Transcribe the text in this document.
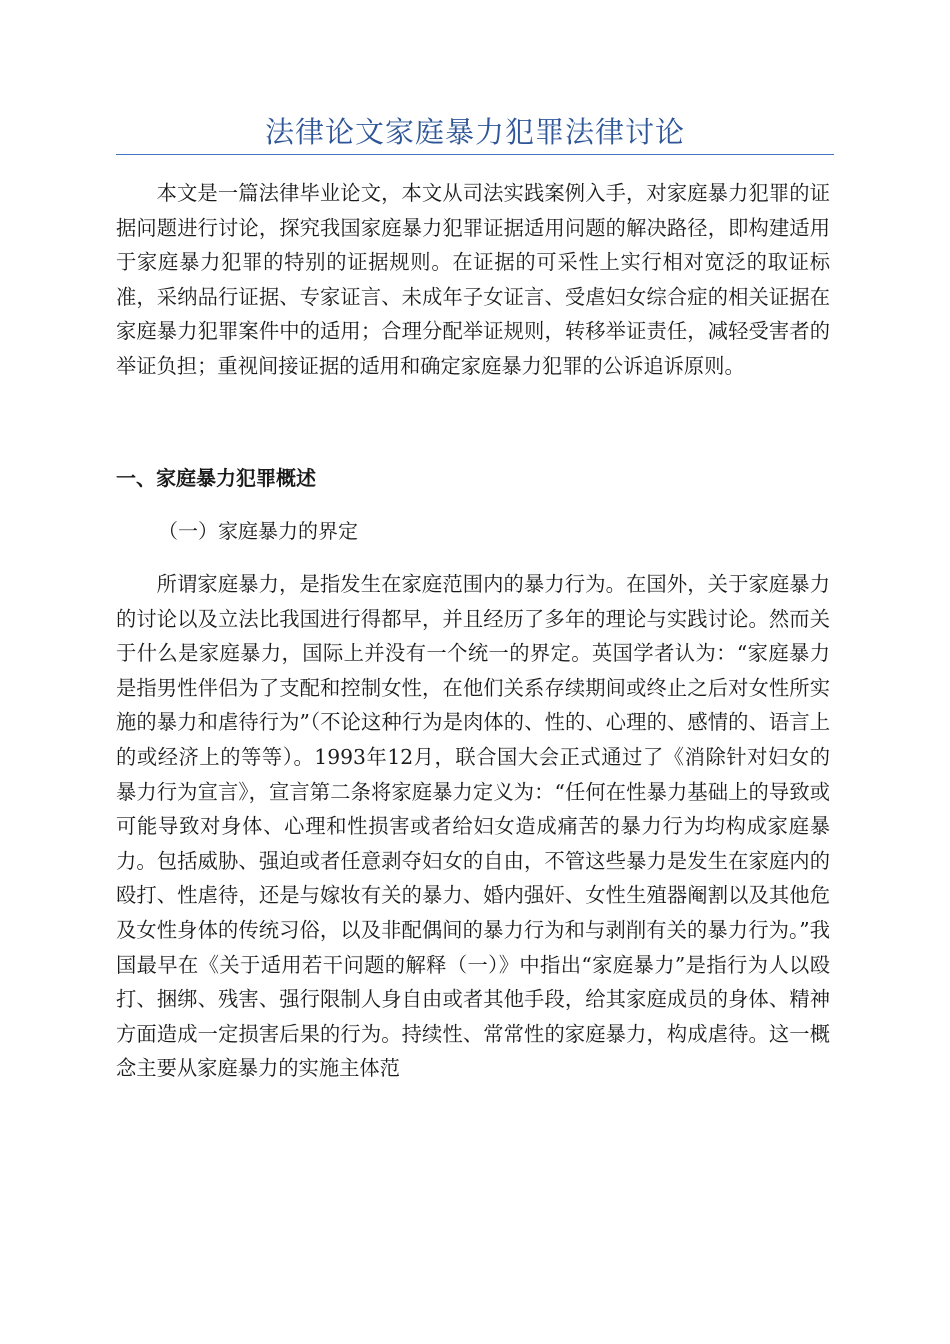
法律论文家庭暴力犯罪法律讨论

本文是一篇法律毕业论文，本文从司法实践案例入手，对家庭暴力犯罪的证据问题进行讨论，探究我国家庭暴力犯罪证据适用问题的解决路径，即构建适用于家庭暴力犯罪的特别的证据规则。在证据的可采性上实行相对宽泛的取证标准，采纳品行证据、专家证言、未成年子女证言、受虐妇女综合症的相关证据在家庭暴力犯罪案件中的适用；合理分配举证规则，转移举证责任，减轻受害者的举证负担；重视间接证据的适用和确定家庭暴力犯罪的公诉追诉原则。

一、家庭暴力犯罪概述
（一）家庭暴力的界定

所谓家庭暴力，是指发生在家庭范围内的暴力行为。在国外，关于家庭暴力的讨论以及立法比我国进行得都早，并且经历了多年的理论与实践讨论。然而关于什么是家庭暴力，国际上并没有一个统一的界定。英国学者认为：“家庭暴力是指男性伴侣为了支配和控制女性，在他们关系存续期间或终止之后对女性所实施的暴力和虐待行为”（不论这种行为是肉体的、性的、心理的、感情的、语言上的或经济上的等等）。1993年12月，联合国大会正式通过了《消除针对妇女的暴力行为宣言》，宣言第二条将家庭暴力定义为：“任何在性暴力基础上的导致或可能导致对身体、心理和性损害或者给妇女造成痛苦的暴力行为均构成家庭暴力。包括威胁、强迫或者任意剥夺妇女的自由，不管这些暴力是发生在家庭内的殴打、性虐待，还是与嫁妆有关的暴力、婚内强奸、女性生殖器阉割以及其他危及女性身体的传统习俗，以及非配偶间的暴力行为和与剥削有关的暴力行为。”我国最早在《关于适用若干问题的解释（一）》中指出“家庭暴力”是指行为人以殴打、捆绑、残害、强行限制人身自由或者其他手段，给其家庭成员的身体、精神方面造成一定损害后果的行为。持续性、常常性的家庭暴力，构成虐待。这一概念主要从家庭暴力的实施主体范
